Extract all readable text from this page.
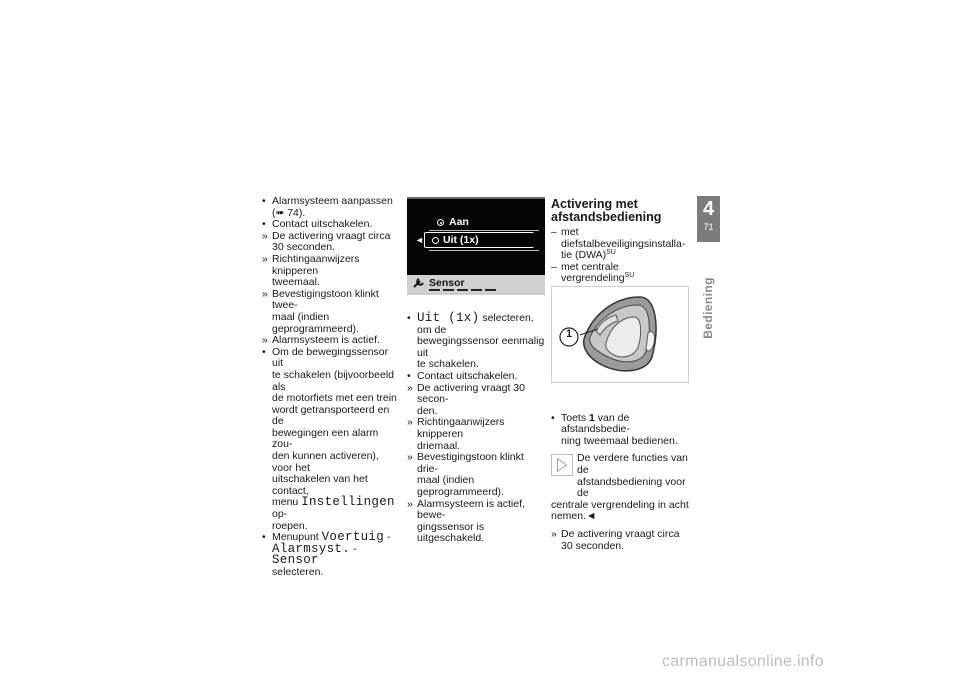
• Alarmsysteem aanpassen
(➠ 74).
• Contact uitschakelen.
» De activering vraagt circa
30 seconden.
» Richtingaanwijzers knipperen
tweemaal.
» Bevestigingstoon klinkt twee-
maal (indien geprogrammeerd).
» Alarmsysteem is actief.
• Om de bewegingssensor uit
te schakelen (bijvoorbeeld als
de motorfiets met een trein
wordt getransporteerd en de
bewegingen een alarm zou-
den kunnen activeren), voor het
uitschakelen van het contact,
menu Instellingen op-
roepen.
• Menupunt Voertuig -
Alarmsyst. - Sensor
selecteren.
Aan
◄ Uit (1x)
Sensor
• Uit (1x) selecteren, om de
bewegingssensor eenmalig uit
te schakelen.
• Contact uitschakelen.
» De activering vraagt 30 secon-
den.
» Richtingaanwijzers knipperen
driemaal.
» Bevestigingstoon klinkt drie-
maal (indien geprogrammeerd).
» Alarmsysteem is actief, bewe-
gingssensor is uitgeschakeld.
Activering met
afstandsbediening
– met diefstalbeveiligingsinstalla-
tie (DWA)$^{SU}$
– met centrale vergrendeling$^{SU}$
• Toets 1 van de afstandsbedie-
ning tweemaal bedienen.
De verdere functies van de
afstandsbediening voor de
centrale vergrendeling in acht
nemen.◄
» De activering vraagt circa
30 seconden.
1
4
71
Bediening
carmanualsonline.info
